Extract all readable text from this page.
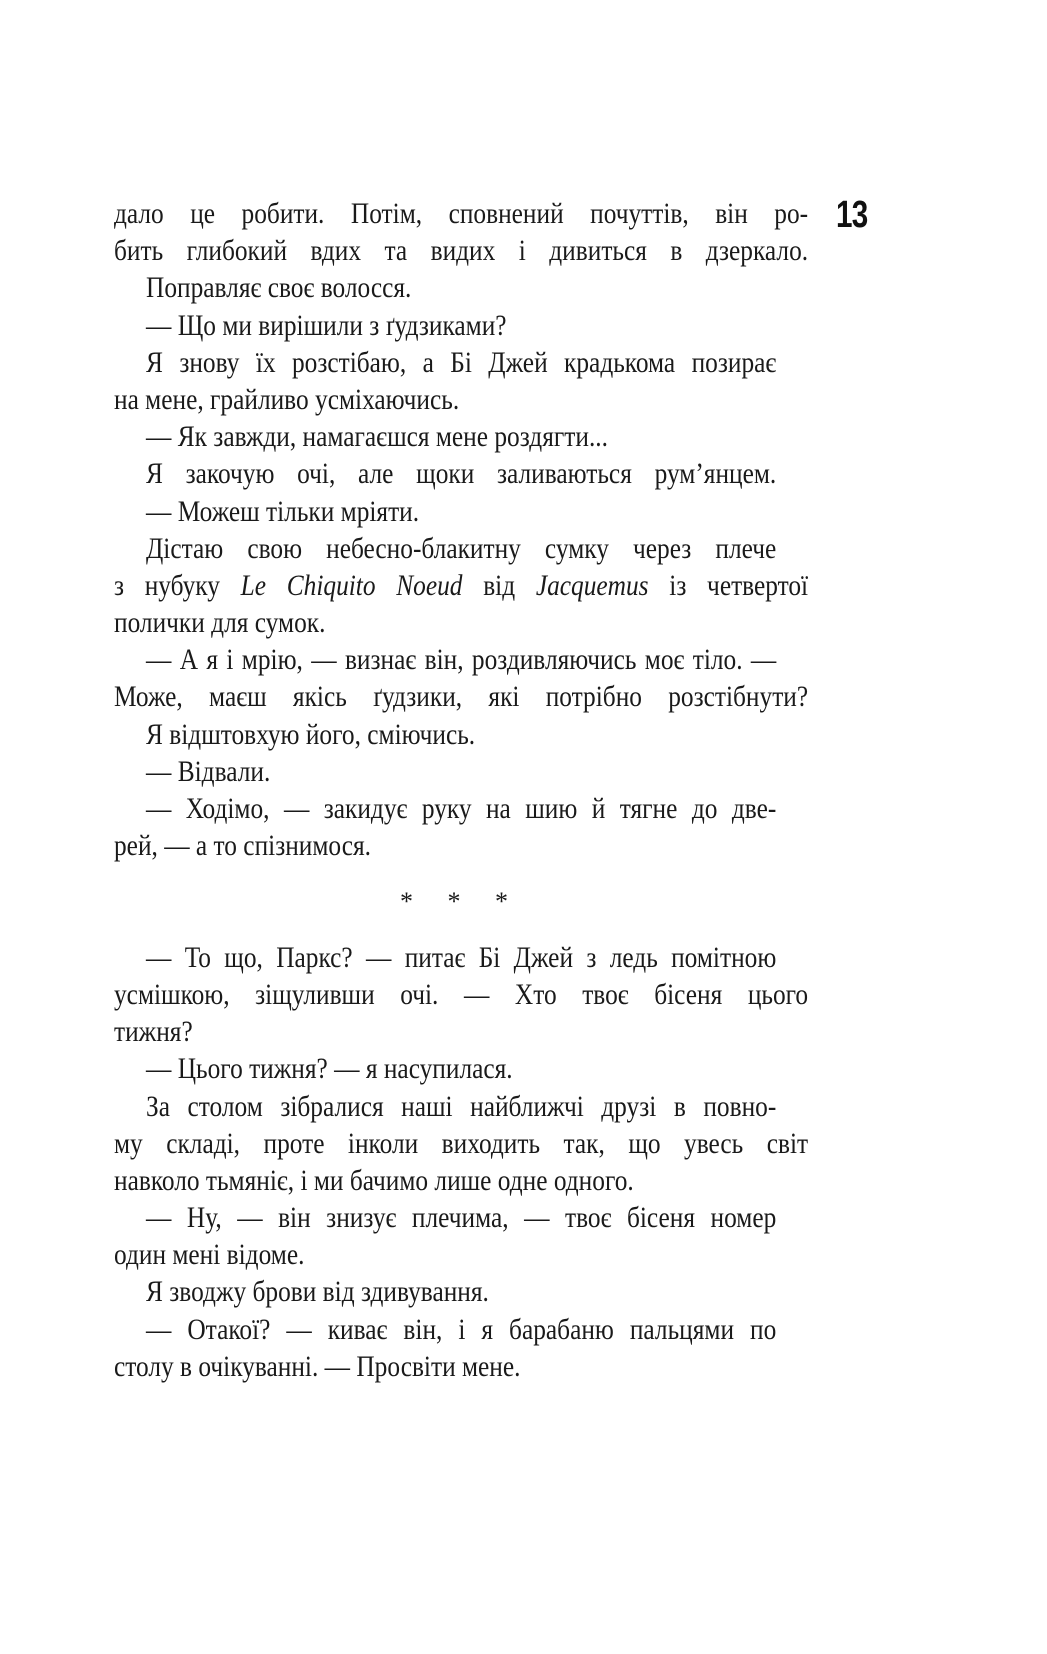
13
дало це робити. Потім, сповнений почуттів, він ро-
бить глибокий вдих та видих і дивиться в дзеркало.
Поправляє своє волосся.
— Що ми вирішили з ґудзиками?
Я знову їх розстібаю, а Бі Джей крадькома позирає
на мене, грайливо усміхаючись.
— Як завжди, намагаєшся мене роздягти...
Я закочую очі, але щоки заливаються рум’янцем.
— Можеш тільки мріяти.
Дістаю свою небесно-блакитну сумку через плече
з нубуку Le Chiquito Noeud від Jacquemus із четвертої
полички для сумок.
— А я і мрію, — визнає він, роздивляючись моє тіло. —
Може, маєш якісь ґудзики, які потрібно розстібнути?
Я відштовхую його, сміючись.
— Відвали.
— Ходімо, — закидує руку на шию й тягне до две-
рей, — а то спізнимося.
* * *
— То що, Паркс? — питає Бі Джей з ледь помітною
усмішкою, зіщуливши очі. — Хто твоє бісеня цього
тижня?
— Цього тижня? — я насупилася.
За столом зібралися наші найближчі друзі в повно-
му складі, проте інколи виходить так, що увесь світ
навколо тьмяніє, і ми бачимо лише одне одного.
— Ну, — він знизує плечима, — твоє бісеня номер
один мені відоме.
Я зводжу брови від здивування.
— Отакої? — киває він, і я барабаню пальцями по
столу в очікуванні. — Просвіти мене.
